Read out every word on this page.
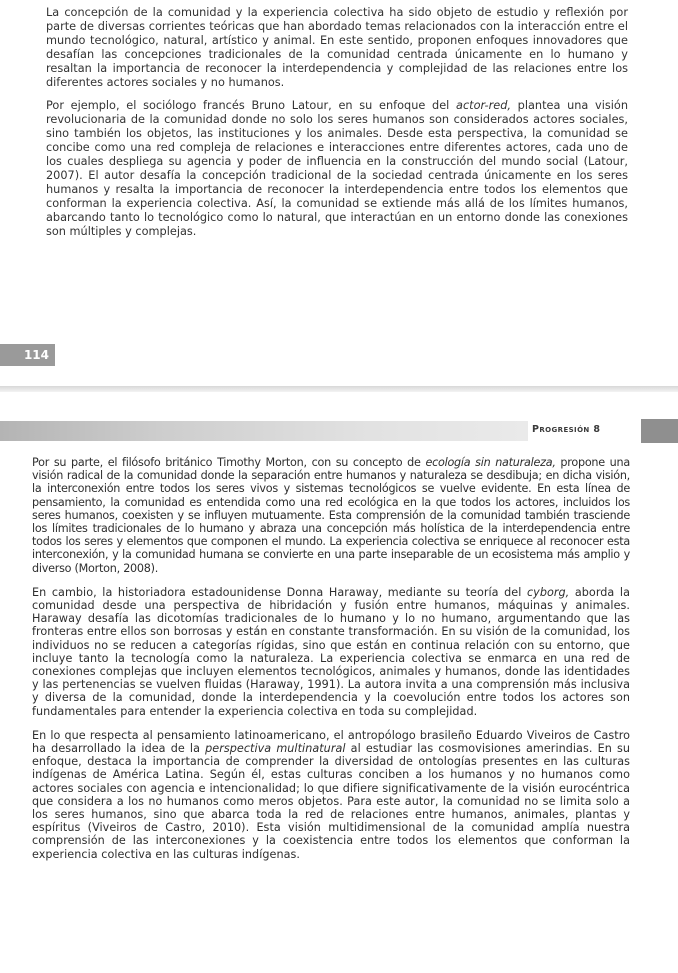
La concepción de la comunidad y la experiencia colectiva ha sido objeto de estudio y reflexión por parte de diversas corrientes teóricas que han abordado temas relacionados con la interacción entre el mundo tecnológico, natural, artístico y animal. En este sentido, proponen enfoques innovadores que desafían las concepciones tradicionales de la comunidad centrada únicamente en lo humano y resaltan la importancia de reconocer la interdependencia y complejidad de las relaciones entre los diferentes actores sociales y no humanos.

Por ejemplo, el sociólogo francés Bruno Latour, en su enfoque del actor-red, plantea una visión revolucionaria de la comunidad donde no solo los seres humanos son considerados actores sociales, sino también los objetos, las instituciones y los animales. Desde esta perspectiva, la comunidad se concibe como una red compleja de relaciones e interacciones entre diferentes actores, cada uno de los cuales despliega su agencia y poder de influencia en la construcción del mundo social (Latour, 2007). El autor desafía la concepción tradicional de la sociedad centrada únicamente en los seres humanos y resalta la importancia de reconocer la interdependencia entre todos los elementos que conforman la experiencia colectiva. Así, la comunidad se extiende más allá de los límites humanos, abarcando tanto lo tecnológico como lo natural, que interactúan en un entorno donde las conexiones son múltiples y complejas.

114
Progresión 8

Por su parte, el filósofo británico Timothy Morton, con su concepto de ecología sin naturaleza, propone una visión radical de la comunidad donde la separación entre humanos y naturaleza se desdibuja; en dicha visión, la interconexión entre todos los seres vivos y sistemas tecnológicos se vuelve evidente. En esta línea de pensamiento, la comunidad es entendida como una red ecológica en la que todos los actores, incluidos los seres humanos, coexisten y se influyen mutuamente. Esta comprensión de la comunidad también trasciende los límites tradicionales de lo humano y abraza una concepción más holística de la interdependencia entre todos los seres y elementos que componen el mundo. La experiencia colectiva se enriquece al reconocer esta interconexión, y la comunidad humana se convierte en una parte inseparable de un ecosistema más amplio y diverso (Morton, 2008).

En cambio, la historiadora estadounidense Donna Haraway, mediante su teoría del cyborg, aborda la comunidad desde una perspectiva de hibridación y fusión entre humanos, máquinas y animales. Haraway desafía las dicotomías tradicionales de lo humano y lo no humano, argumentando que las fronteras entre ellos son borrosas y están en constante transformación. En su visión de la comunidad, los individuos no se reducen a categorías rígidas, sino que están en continua relación con su entorno, que incluye tanto la tecnología como la naturaleza. La experiencia colectiva se enmarca en una red de conexiones complejas que incluyen elementos tecnológicos, animales y humanos, donde las identidades y las pertenencias se vuelven fluidas (Haraway, 1991). La autora invita a una comprensión más inclusiva y diversa de la comunidad, donde la interdependencia y la coevolución entre todos los actores son fundamentales para entender la experiencia colectiva en toda su complejidad.

En lo que respecta al pensamiento latinoamericano, el antropólogo brasileño Eduardo Viveiros de Castro ha desarrollado la idea de la perspectiva multinatural al estudiar las cosmovisiones amerindias. En su enfoque, destaca la importancia de comprender la diversidad de ontologías presentes en las culturas indígenas de América Latina. Según él, estas culturas conciben a los humanos y no humanos como actores sociales con agencia e intencionalidad; lo que difiere significativamente de la visión eurocéntrica que considera a los no humanos como meros objetos. Para este autor, la comunidad no se limita solo a los seres humanos, sino que abarca toda la red de relaciones entre humanos, animales, plantas y espíritus (Viveiros de Castro, 2010). Esta visión multidimensional de la comunidad amplía nuestra comprensión de las interconexiones y la coexistencia entre todos los elementos que conforman la experiencia colectiva en las culturas indígenas.
